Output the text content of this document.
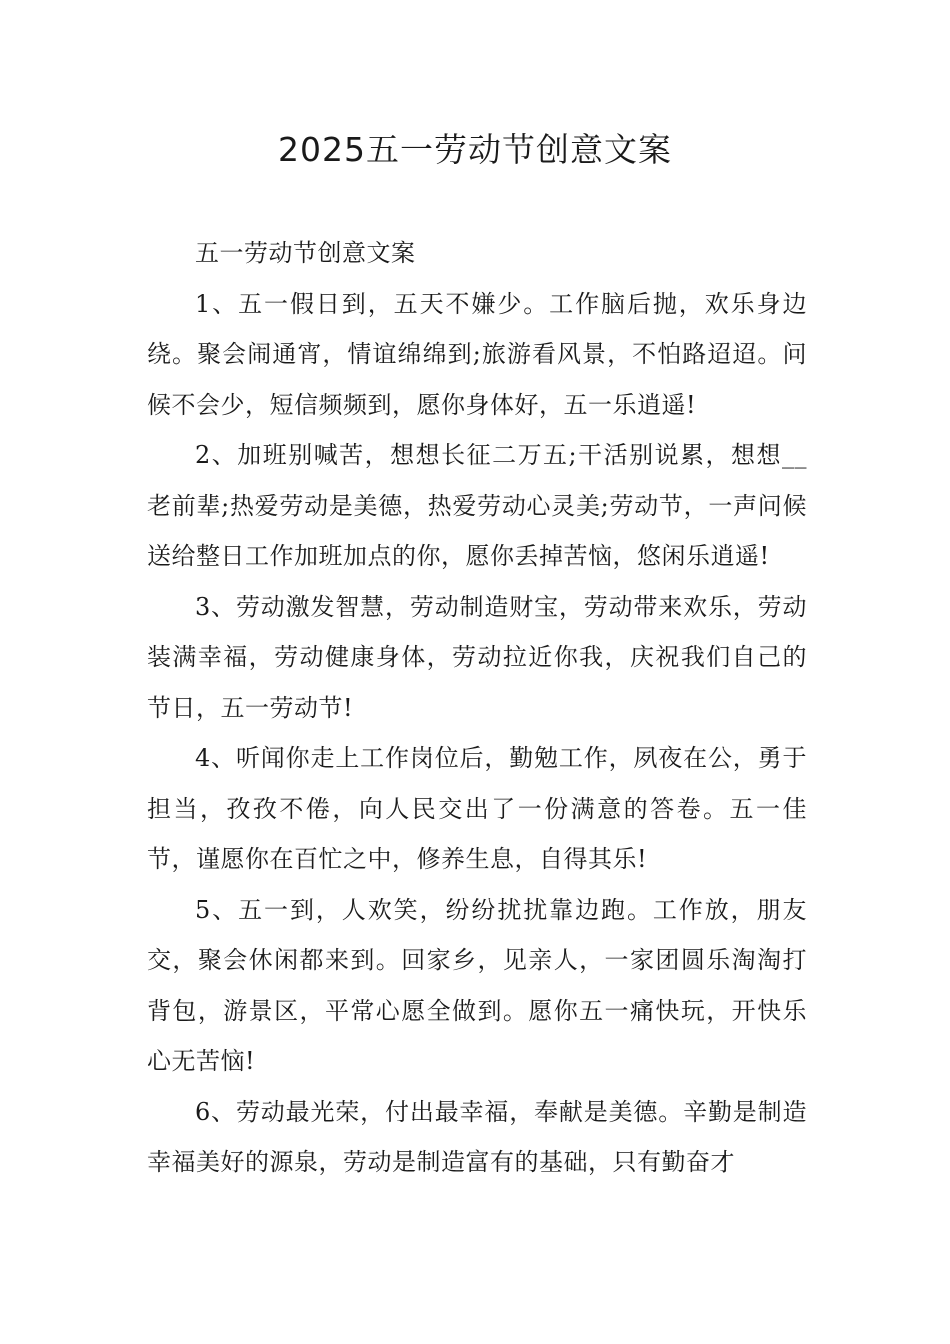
2025五一劳动节创意文案

五一劳动节创意文案

1、五一假日到，五天不嫌少。工作脑后抛，欢乐身边绕。聚会闹通宵，情谊绵绵到;旅游看风景，不怕路迢迢。问候不会少，短信频频到，愿你身体好，五一乐逍遥!

2、加班别喊苦，想想长征二万五;干活别说累，想想__老前辈;热爱劳动是美德，热爱劳动心灵美;劳动节，一声问候送给整日工作加班加点的你，愿你丢掉苦恼，悠闲乐逍遥!

3、劳动激发智慧，劳动制造财宝，劳动带来欢乐，劳动装满幸福，劳动健康身体，劳动拉近你我，庆祝我们自己的节日，五一劳动节!

4、听闻你走上工作岗位后，勤勉工作，夙夜在公，勇于担当，孜孜不倦，向人民交出了一份满意的答卷。五一佳节，谨愿你在百忙之中，修养生息，自得其乐!

5、五一到，人欢笑，纷纷扰扰靠边跑。工作放，朋友交，聚会休闲都来到。回家乡，见亲人，一家团圆乐淘淘打背包，游景区，平常心愿全做到。愿你五一痛快玩，开快乐心无苦恼!

6、劳动最光荣，付出最幸福，奉献是美德。辛勤是制造幸福美好的源泉，劳动是制造富有的基础，只有勤奋才
